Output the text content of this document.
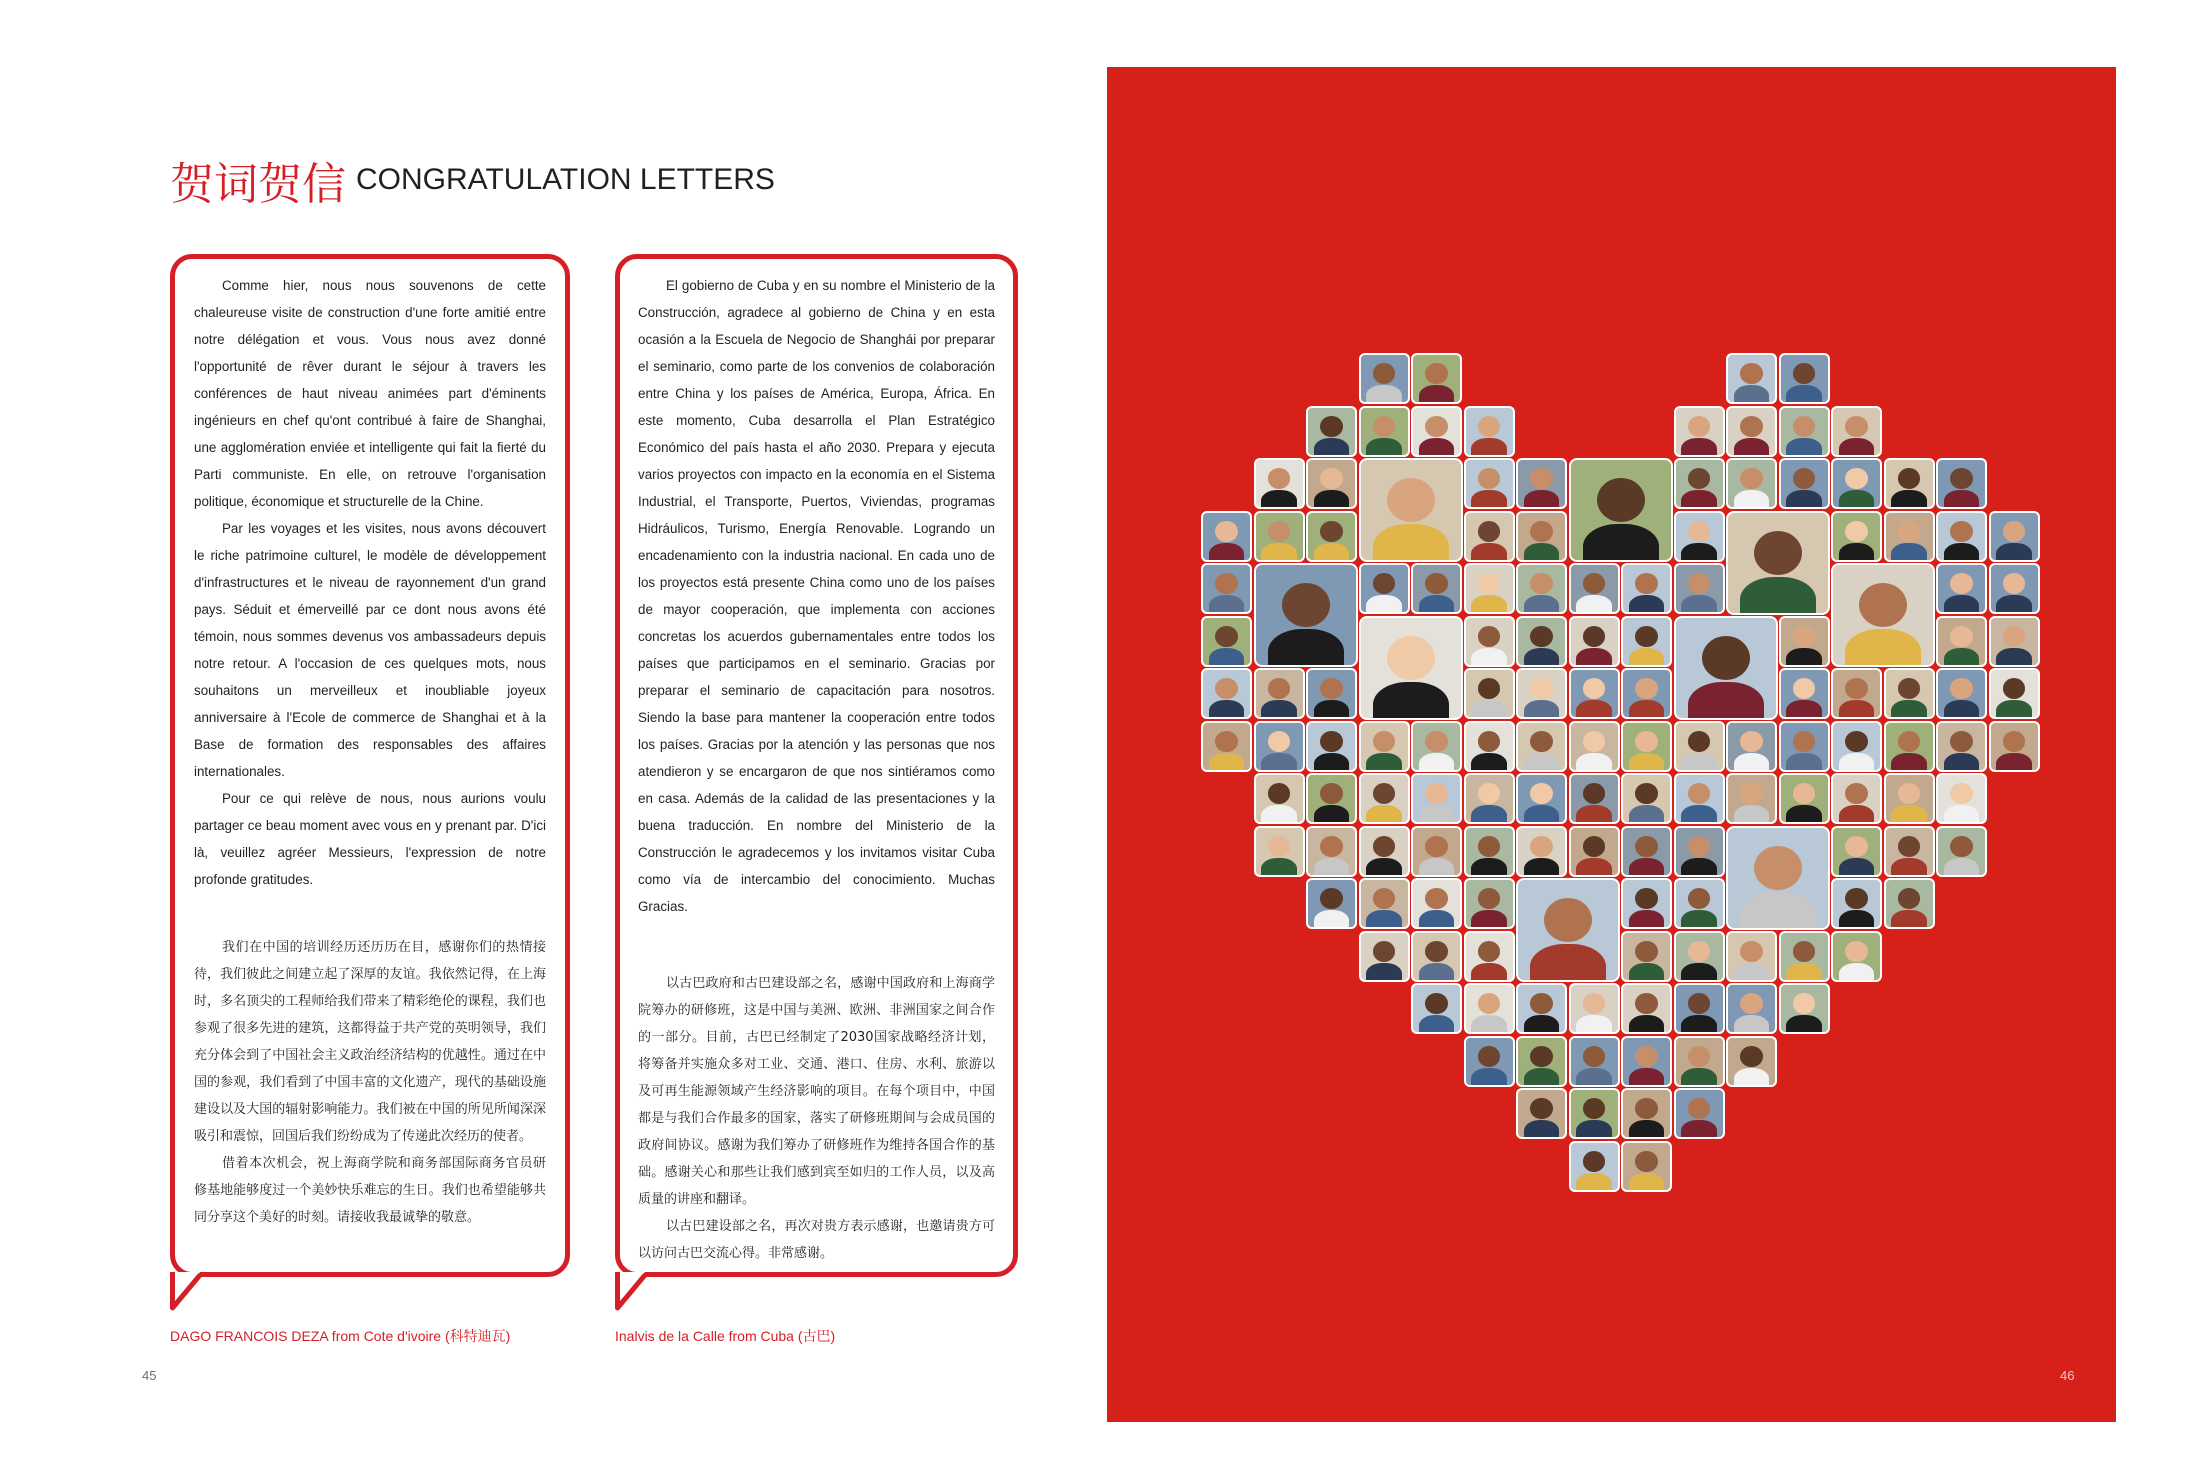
贺词贺信 CONGRATULATION LETTERS

Comme hier, nous nous souvenons de cette chaleureuse visite de construction d'une forte amitié entre notre délégation et vous. Vous nous avez donné l'opportunité de rêver durant le séjour à travers les conférences de haut niveau animées part d'éminents ingénieurs en chef qu'ont contribué à faire de Shanghai, une agglomération enviée et intelligente qui fait la fierté du Parti communiste. En elle, on retrouve l'organisation politique, économique et structurelle de la Chine.

Par les voyages et les visites, nous avons découvert le riche patrimoine culturel, le modèle de développement d'infrastructures et le niveau de rayonnement d'un grand pays. Séduit et émerveillé par ce dont nous avons été témoin, nous sommes devenus vos ambassadeurs depuis notre retour. A l'occasion de ces quelques mots, nous souhaitons un merveilleux et inoubliable joyeux anniversaire à l'Ecole de commerce de Shanghai et à la Base de formation des responsables des affaires internationales.

Pour ce qui relève de nous, nous aurions voulu partager ce beau moment avec vous en y prenant par. D'ici là, veuillez agréer Messieurs, l'expression de notre profonde gratitudes.

我们在中国的培训经历还历历在目，感谢你们的热情接待，我们彼此之间建立起了深厚的友谊。我依然记得，在上海时，多名顶尖的工程师给我们带来了精彩绝伦的课程，我们也参观了很多先进的建筑，这都得益于共产党的英明领导，我们充分体会到了中国社会主义政治经济结构的优越性。通过在中国的参观，我们看到了中国丰富的文化遗产，现代的基础设施建设以及大国的辐射影响能力。我们被在中国的所见所闻深深吸引和震惊，回国后我们纷纷成为了传递此次经历的使者。

借着本次机会，祝上海商学院和商务部国际商务官员研修基地能够度过一个美妙快乐难忘的生日。我们也希望能够共同分享这个美好的时刻。请接收我最诚挚的敬意。

DAGO FRANCOIS DEZA from Cote d'ivoire (科特迪瓦)

El gobierno de Cuba y en su nombre el Ministerio de la Construcción, agradece al gobierno de China y en esta ocasión a la Escuela de Negocio de Shanghái por preparar el seminario, como parte de los convenios de colaboración entre China y los países de América, Europa, África. En este momento, Cuba desarrolla el Plan Estratégico Económico del país hasta el año 2030. Prepara y ejecuta varios proyectos con impacto en la economía en el Sistema Industrial, el Transporte, Puertos, Viviendas, programas Hidráulicos, Turismo, Energía Renovable. Logrando un encadenamiento con la industria nacional. En cada uno de los proyectos está presente China como uno de los países de mayor cooperación, que implementa con acciones concretas los acuerdos gubernamentales entre todos los países que participamos en el seminario. Gracias por preparar el seminario de capacitación para nosotros. Siendo la base para mantener la cooperación entre todos los países. Gracias por la atención y las personas que nos atendieron y se encargaron de que nos sintiéramos como en casa. Además de la calidad de las presentaciones y la buena traducción. En nombre del Ministerio de la Construcción le agradecemos y los invitamos visitar Cuba como vía de intercambio del conocimiento. Muchas Gracias.

以古巴政府和古巴建设部之名，感谢中国政府和上海商学院筹办的研修班，这是中国与美洲、欧洲、非洲国家之间合作的一部分。目前，古巴已经制定了2030国家战略经济计划，将筹备并实施众多对工业、交通、港口、住房、水利、旅游以及可再生能源领域产生经济影响的项目。在每个项目中，中国都是与我们合作最多的国家，落实了研修班期间与会成员国的政府间协议。感谢为我们筹办了研修班作为维持各国合作的基础。感谢关心和那些让我们感到宾至如归的工作人员，以及高质量的讲座和翻译。

以古巴建设部之名，再次对贵方表示感谢，也邀请贵方可以访问古巴交流心得。非常感谢。

Inalvis de la Calle from Cuba (古巴)
45	46
